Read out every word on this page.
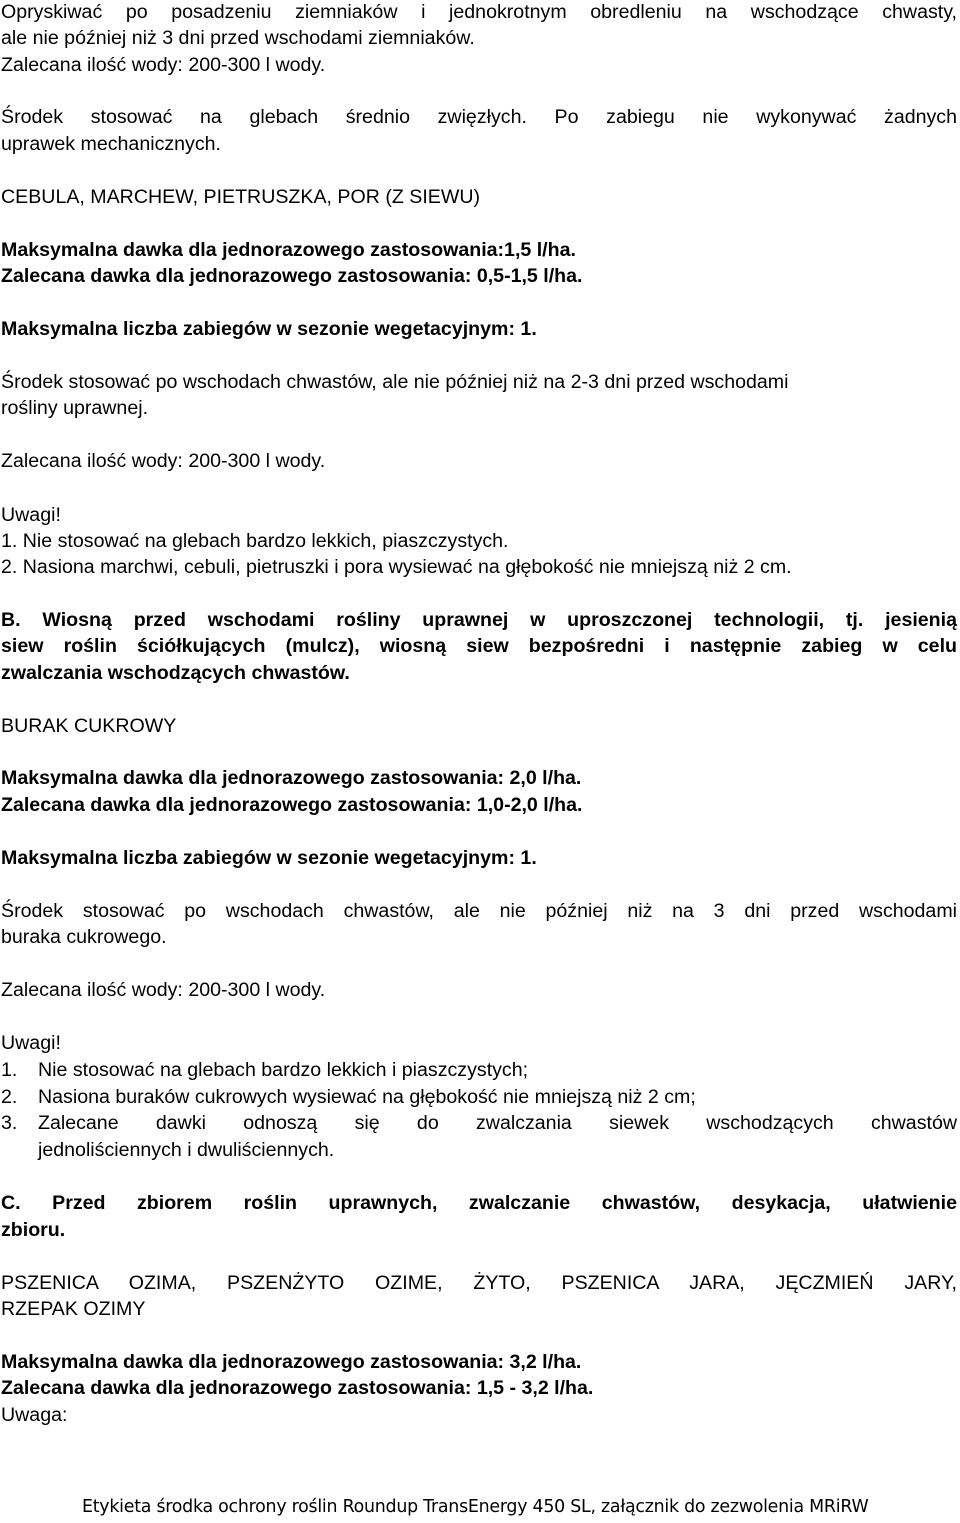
Opryskiwać po posadzeniu ziemniaków i jednokrotnym obredleniu na wschodzące chwasty,
ale nie później niż 3 dni przed wschodami ziemniaków.
Zalecana ilość wody: 200-300 l wody.
Środek stosować na glebach średnio zwięzłych. Po zabiegu nie wykonywać żadnych
uprawek mechanicznych.
CEBULA, MARCHEW, PIETRUSZKA, POR (Z SIEWU)
Maksymalna dawka dla jednorazowego zastosowania:1,5 l/ha.
Zalecana dawka dla jednorazowego zastosowania: 0,5-1,5 l/ha.
Maksymalna liczba zabiegów w sezonie wegetacyjnym: 1.
Środek stosować po wschodach chwastów, ale nie później niż na 2-3 dni przed wschodami
rośliny uprawnej.
Zalecana ilość wody: 200-300 l wody.
Uwagi!
1. Nie stosować na glebach bardzo lekkich, piaszczystych.
2. Nasiona marchwi, cebuli, pietruszki i pora wysiewać na głębokość nie mniejszą niż 2 cm.
B. Wiosną przed wschodami rośliny uprawnej w uproszczonej technologii, tj. jesienią
siew roślin ściółkujących (mulcz), wiosną siew bezpośredni i następnie zabieg w celu
zwalczania wschodzących chwastów.
BURAK CUKROWY
Maksymalna dawka dla jednorazowego zastosowania: 2,0 l/ha.
Zalecana dawka dla jednorazowego zastosowania: 1,0-2,0 l/ha.
Maksymalna liczba zabiegów w sezonie wegetacyjnym: 1.
Środek stosować po wschodach chwastów, ale nie później niż na 3 dni przed wschodami
buraka cukrowego.
Zalecana ilość wody: 200-300 l wody.
Uwagi!
1. Nie stosować na glebach bardzo lekkich i piaszczystych;
2. Nasiona buraków cukrowych wysiewać na głębokość nie mniejszą niż 2 cm;
3.	Zalecane dawki odnoszą się do zwalczania siewek wschodzących chwastów
jednoliściennych i dwuliściennych.
C. Przed zbiorem roślin uprawnych, zwalczanie chwastów, desykacja, ułatwienie
zbioru.
PSZENICA OZIMA, PSZENŻYTO OZIME, ŻYTO, PSZENICA JARA, JĘCZMIEŃ JARY,
RZEPAK OZIMY
Maksymalna dawka dla jednorazowego zastosowania: 3,2 l/ha.
Zalecana dawka dla jednorazowego zastosowania: 1,5 - 3,2 l/ha.
Uwaga:
Etykieta środka ochrony roślin Roundup TransEnergy 450 SL, załącznik do zezwolenia MRiRW
